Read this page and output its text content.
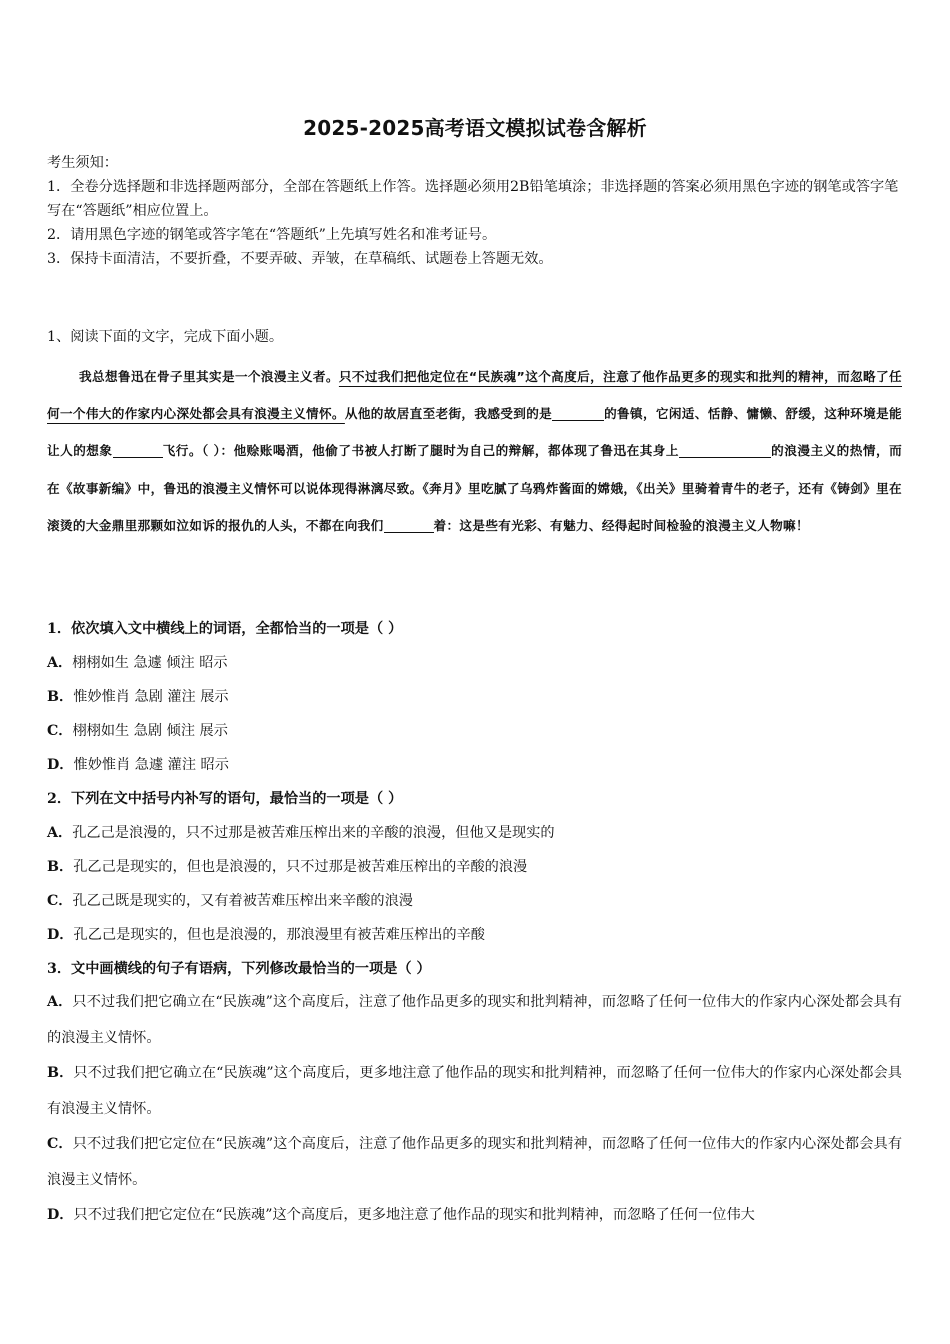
2025-2025高考语文模拟试卷含解析
考生须知：
1．全卷分选择题和非选择题两部分，全部在答题纸上作答。选择题必须用2B铅笔填涂；非选择题的答案必须用黑色字迹的钢笔或答字笔写在“答题纸”相应位置上。
2．请用黑色字迹的钢笔或答字笔在“答题纸”上先填写姓名和准考证号。
3．保持卡面清洁，不要折叠，不要弄破、弄皱，在草稿纸、试题卷上答题无效。
1、阅读下面的文字，完成下面小题。
我总想鲁迅在骨子里其实是一个浪漫主义者。只不过我们把他定位在“民族魂”这个高度后，注意了他作品更多的现实和批判的精神，而忽略了任何一个伟大的作家内心深处都会具有浪漫主义情怀。从他的故居直至老街，我感受到的是	的鲁镇，它闲适、恬静、慵懒、舒缓，这种环境是能让人的想象	飞行。（ ）：他赊账喝酒，他偷了书被人打断了腿时为自己的辩解，都体现了鲁迅在其身上	的浪漫主义的热情，而在《故事新编》中，鲁迅的浪漫主义情怀可以说体现得淋漓尽致。《奔月》里吃腻了乌鸦炸酱面的嫦娥，《出关》里骑着青牛的老子，还有《铸剑》里在滚烫的大金鼎里那颗如泣如诉的报仇的人头，不都在向我们	着：这是些有光彩、有魅力、经得起时间检验的浪漫主义人物嘛！
1．依次填入文中横线上的词语，全都恰当的一项是（ ）
A．栩栩如生 急遽 倾注 昭示
B．惟妙惟肖 急剧 灌注 展示
C．栩栩如生 急剧 倾注 展示
D．惟妙惟肖 急遽 灌注 昭示
2．下列在文中括号内补写的语句，最恰当的一项是（ ）
A．孔乙己是浪漫的，只不过那是被苦难压榨出来的辛酸的浪漫，但他又是现实的
B．孔乙己是现实的，但也是浪漫的，只不过那是被苦难压榨出的辛酸的浪漫
C．孔乙己既是现实的，又有着被苦难压榨出来辛酸的浪漫
D．孔乙己是现实的，但也是浪漫的，那浪漫里有被苦难压榨出的辛酸
3．文中画横线的句子有语病，下列修改最恰当的一项是（ ）
A．只不过我们把它确立在“民族魂”这个高度后，注意了他作品更多的现实和批判精神，而忽略了任何一位伟大的作家内心深处都会具有的浪漫主义情怀。
B．只不过我们把它确立在“民族魂”这个高度后，更多地注意了他作品的现实和批判精神，而忽略了任何一位伟大的作家内心深处都会具有浪漫主义情怀。
C．只不过我们把它定位在“民族魂”这个高度后，注意了他作品更多的现实和批判精神，而忽略了任何一位伟大的作家内心深处都会具有浪漫主义情怀。
D．只不过我们把它定位在“民族魂”这个高度后，更多地注意了他作品的现实和批判精神，而忽略了任何一位伟大
